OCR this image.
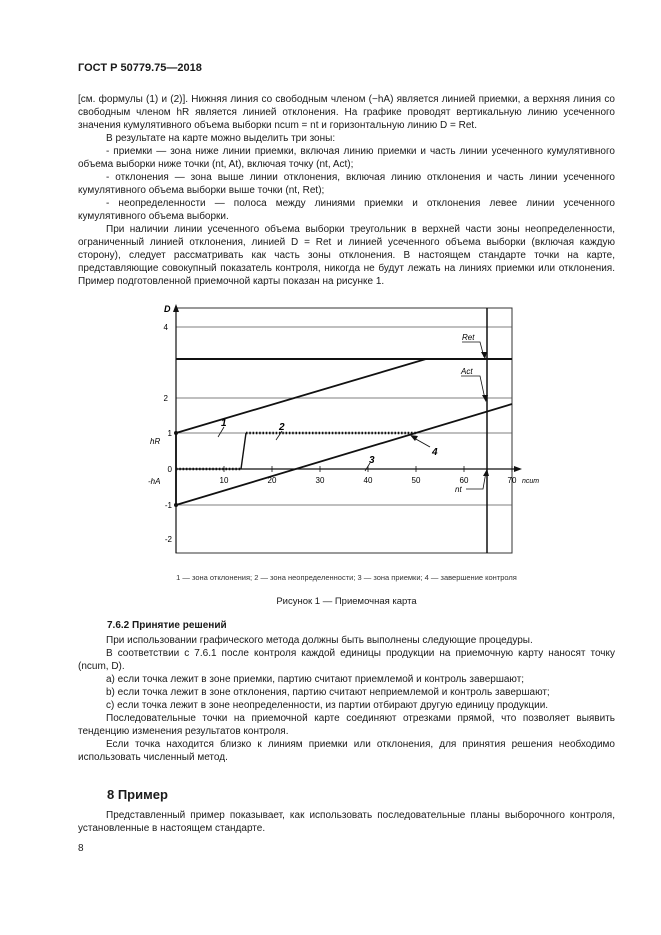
ГОСТ Р 50779.75—2018

[см. формулы (1) и (2)]. Нижняя линия со свободным членом (−hA) является линией приемки, а верхняя линия со свободным членом hR является линией отклонения. На графике проводят вертикальную линию усеченного значения кумулятивного объема выборки ncum = nt и горизонтальную линию D = Ret.

В результате на карте можно выделить три зоны:

- приемки — зона ниже линии приемки, включая линию приемки и часть линии усеченного кумулятивного объема выборки ниже точки (nt, At), включая точку (nt, Act);

- отклонения — зона выше линии отклонения, включая линию отклонения и часть линии усеченного кумулятивного объема выборки выше точки (nt, Ret);

- неопределенности — полоса между линиями приемки и отклонения левее линии усеченного кумулятивного объема выборки.

При наличии линии усеченного объема выборки треугольник в верхней части зоны неопределенности, ограниченный линией отклонения, линией D = Ret и линией усеченного объема выборки (включая каждую сторону), следует рассматривать как часть зоны отклонения. В настоящем стандарте точки на карте, представляющие совокупный показатель контроля, никогда не будут лежать на линиях приемки или отклонения. Пример подготовленной приемочной карты показан на рисунке 1.

D
4
2
1
0
-1
-2
10	20	30	40	50	60	70 ncum
hR
-hA
Ret
Act
nt
1	2
3
4
1 — зона отклонения; 2 — зона неопределенности; 3 — зона приемки; 4 — завершение контроля
Рисунок 1 — Приемочная карта
7.6.2 Принятие решений

При использовании графического метода должны быть выполнены следующие процедуры.

В соответствии с 7.6.1 после контроля каждой единицы продукции на приемочную карту наносят точку (ncum, D).

a) если точка лежит в зоне приемки, партию считают приемлемой и контроль завершают;

b) если точка лежит в зоне отклонения, партию считают неприемлемой и контроль завершают;

c) если точка лежит в зоне неопределенности, из партии отбирают другую единицу продукции.

Последовательные точки на приемочной карте соединяют отрезками прямой, что позволяет выявить тенденцию изменения результатов контроля.

Если точка находится близко к линиям приемки или отклонения, для принятия решения необходимо использовать численный метод.

8 Пример

Представленный пример показывает, как использовать последовательные планы выборочного контроля, установленные в настоящем стандарте.

8
